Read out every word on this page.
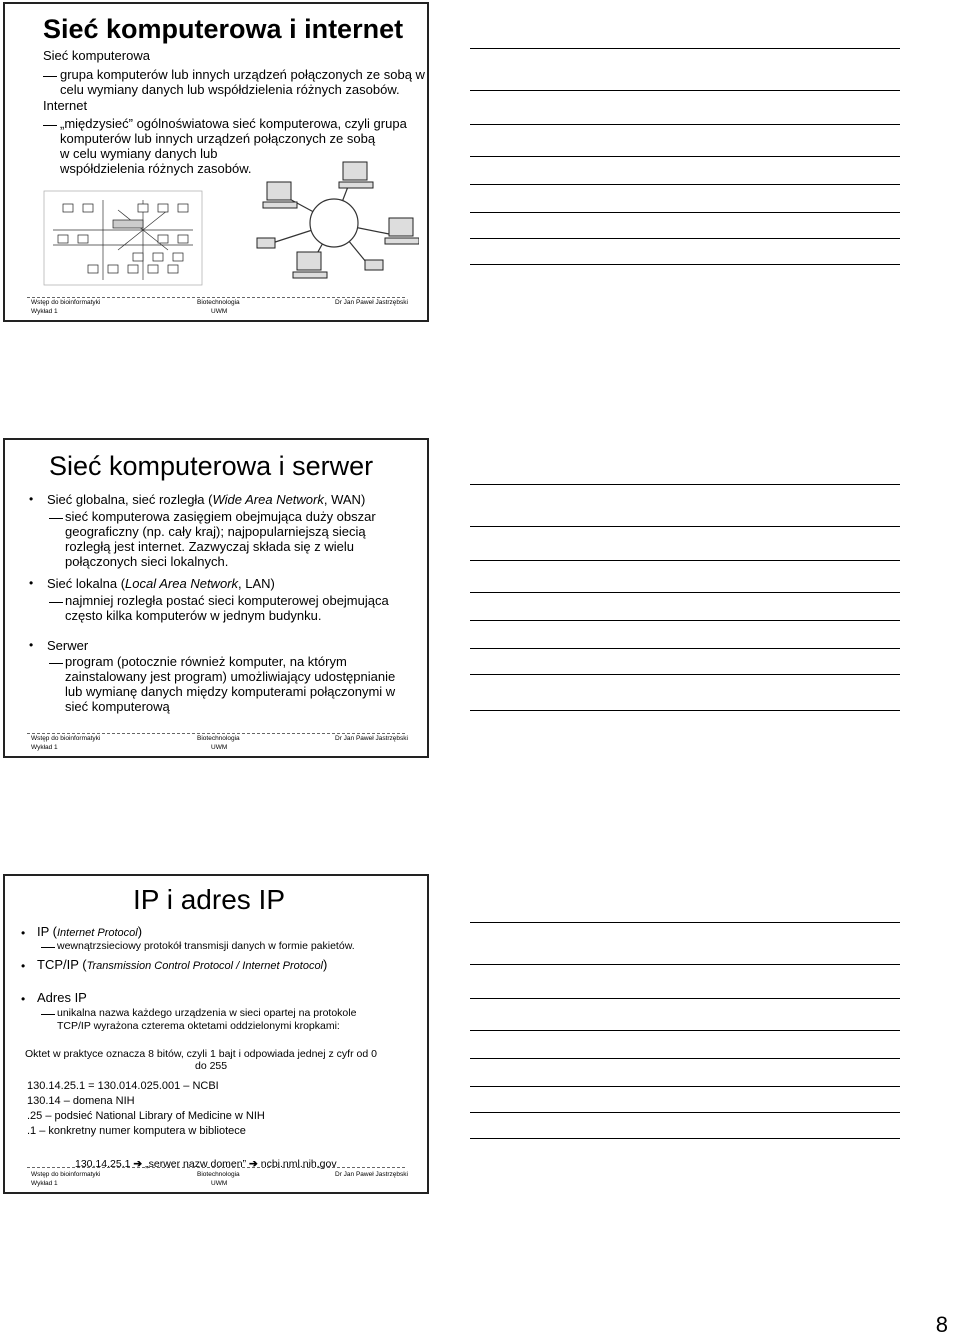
Sieć komputerowa i internet
Sieć komputerowa
grupa komputerów lub innych urządzeń połączonych ze sobą w
celu wymiany danych lub współdzielenia różnych zasobów.
Internet
„międzysieć” ogólnoświatowa sieć komputerowa, czyli grupa
komputerów lub innych urządzeń połączonych ze sobą
w celu wymiany danych lub
współdzielenia różnych zasobów.
Wstęp do bioinformatyki
Wykład 1
Biotechnologia
UWM
Dr Jan Paweł Jastrzębski
Sieć komputerowa i serwer
• Sieć globalna, sieć rozległa (Wide Area Network, WAN)
sieć komputerowa zasięgiem obejmująca duży obszar
geograficzny (np. cały kraj); najpopularniejszą siecią
rozległą jest internet. Zazwyczaj składa się z wielu
połączonych sieci lokalnych.
• Sieć lokalna (Local Area Network, LAN)
najmniej rozległa postać sieci komputerowej obejmująca
często kilka komputerów w jednym budynku.
• Serwer
program (potocznie również komputer, na którym
zainstalowany jest program) umożliwiający udostępnianie
lub wymianę danych między komputerami połączonymi w
sieć komputerową
Wstęp do bioinformatyki
Wykład 1
Biotechnologia
UWM
Dr Jan Paweł Jastrzębski
IP i adres IP
• IP (Internet Protocol)
wewnątrzsieciowy protokół transmisji danych w formie pakietów.
• TCP/IP (Transmission Control Protocol / Internet Protocol)
• Adres IP
unikalna nazwa każdego urządzenia w sieci opartej na protokole
TCP/IP wyrażona czterema oktetami oddzielonymi kropkami:
Oktet w praktyce oznacza 8 bitów, czyli 1 bajt i odpowiada jednej z cyfr od 0
do 255
130.14.25.1 = 130.014.025.001 – NCBI
130.14 – domena NIH
.25 – podsieć National Library of Medicine w NIH
.1 – konkretny numer komputera w bibliotece
130.14.25.1 ➔ „serwer nazw domen” ➔ ncbi.nml.nih.gov
Wstęp do bioinformatyki
Wykład 1
Biotechnologia
UWM
Dr Jan Paweł Jastrzębski
8
